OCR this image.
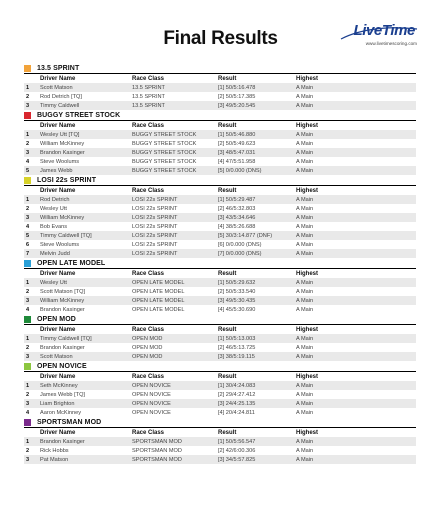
Final Results	LiveTime
www.livetimescoring.com
13.5 SPRINT
Driver Name	Race Class	Result	Highest
1	Scott Matson	13.5 SPRINT	[1] 50/5:16.478	A Main
2	Rod Detrich [TQ]	13.5 SPRINT	[2] 50/5:17.385	A Main
3	Timmy Caldwell	13.5 SPRINT	[3] 49/5:20.545	A Main
BUGGY STREET STOCK
Driver Name	Race Class	Result	Highest
1	Wesley Utt [TQ]	BUGGY STREET STOCK	[1] 50/5:46.880	A Main
2	William McKinney	BUGGY STREET STOCK	[2] 50/5:49.623	A Main
3	Brandon Kasinger	BUGGY STREET STOCK	[3] 48/5:47.031	A Main
4	Steve Woolums	BUGGY STREET STOCK	[4] 47/5:51.958	A Main
5	James Webb	BUGGY STREET STOCK	[5] 0/0.000 (DNS)	A Main
LOSI 22s SPRINT
Driver Name	Race Class	Result	Highest
1	Rod Detrich	LOSI 22s SPRINT	[1] 50/5:29.487	A Main
2	Wesley Utt	LOSI 22s SPRINT	[2] 46/5:32.803	A Main
3	William McKinney	LOSI 22s SPRINT	[3] 43/5:34.646	A Main
4	Bob Evans	LOSI 22s SPRINT	[4] 38/5:26.688	A Main
5	Timmy Caldwell [TQ]	LOSI 22s SPRINT	[5] 30/3:14.877 (DNF)	A Main
6	Steve Woolums	LOSI 22s SPRINT	[6] 0/0.000 (DNS)	A Main
7	Melvin Judd	LOSI 22s SPRINT	[7] 0/0.000 (DNS)	A Main
OPEN LATE MODEL
Driver Name	Race Class	Result	Highest
1	Wesley Utt	OPEN LATE MODEL	[1] 50/5:29.632	A Main
2	Scott Matson [TQ]	OPEN LATE MODEL	[2] 50/5:33.540	A Main
3	William McKinney	OPEN LATE MODEL	[3] 49/5:30.435	A Main
4	Brandon Kasinger	OPEN LATE MODEL	[4] 45/5:30.690	A Main
OPEN MOD
Driver Name	Race Class	Result	Highest
1	Timmy Caldwell [TQ]	OPEN MOD	[1] 50/5:13.003	A Main
2	Brandon Kasinger	OPEN MOD	[2] 46/5:13.725	A Main
3	Scott Matson	OPEN MOD	[3] 38/5:19.115	A Main
OPEN NOVICE
Driver Name	Race Class	Result	Highest
1	Seth McKinney	OPEN NOVICE	[1] 30/4:24.083	A Main
2	James Webb [TQ]	OPEN NOVICE	[2] 29/4:27.412	A Main
3	Liam Brighton	OPEN NOVICE	[3] 24/4:25.135	A Main
4	Aaron McKinney	OPEN NOVICE	[4] 20/4:24.811	A Main
SPORTSMAN MOD
Driver Name	Race Class	Result	Highest
1	Brandon Kasinger	SPORTSMAN MOD	[1] 50/5:56.547	A Main
2	Rick Hobbs	SPORTSMAN MOD	[2] 42/6:00.306	A Main
3	Pat Matson	SPORTSMAN MOD	[3] 34/5:57.825	A Main
